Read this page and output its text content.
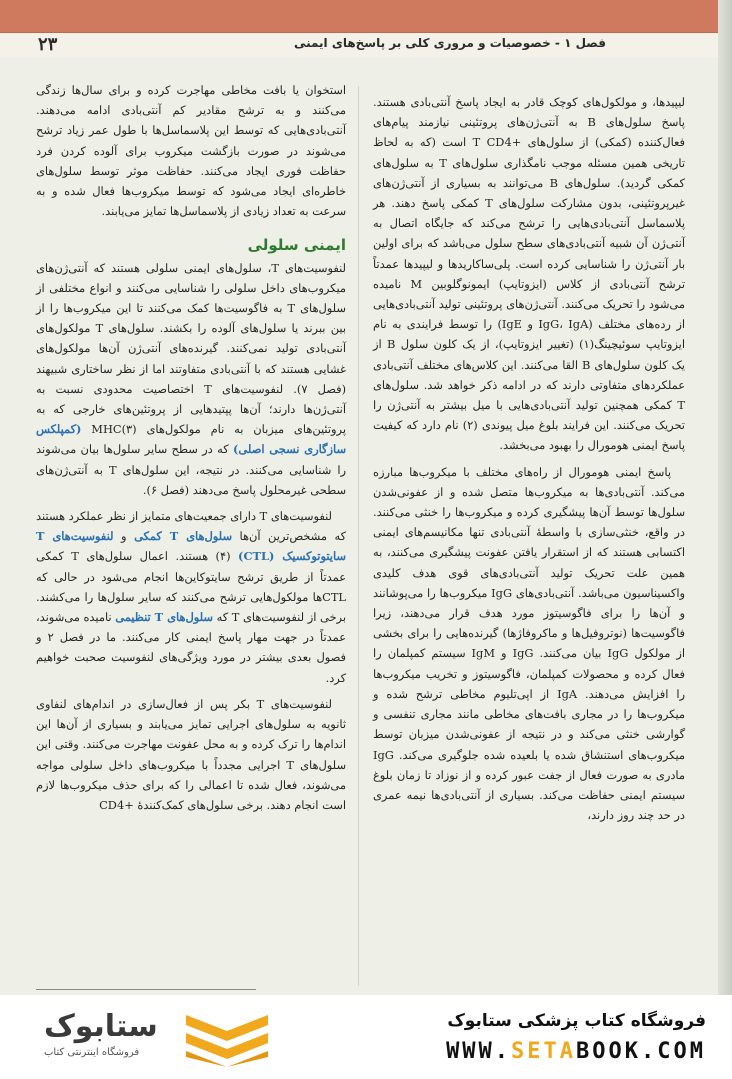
۲۳	فصل ۱ - خصوصیات و مروری کلی بر پاسخ‌های ایمنی

لیپیدها، و مولکول‌های کوچک قادر به ایجاد پاسخ آنتی‌بادی هستند. پاسخ سلول‌های B به آنتی‌ژن‌های پروتئینی نیازمند پیام‌های فعال‌کننده (کمکی) از سلول‌های ‎T CD4+‎ است (که به لحاظ تاریخی همین مسئله موجب نامگذاری سلول‌های T به سلول‌های کمکی گردید). سلول‌های B می‌توانند به بسیاری از آنتی‌ژن‌های غیرپروتئینی، بدون مشارکت سلول‌های T کمکی پاسخ دهند. هر پلاسماسل آنتی‌بادی‌هایی را ترشح می‌کند که جایگاه اتصال به آنتی‌ژن آن شبیه آنتی‌بادی‌های سطح سلول می‌باشد که برای اولین بار آنتی‌ژن را شناسایی کرده است. پلی‌ساکاریدها و لیپیدها عمدتاً ترشح آنتی‌بادی از کلاس (ایزوتایپ) ایمونوگلوبین M نامیده می‌شود را تحریک می‌کنند. آنتی‌ژن‌های پروتئینی تولید آنتی‌بادی‌هایی از رده‌های مختلف (IgG، IgA و IgE) را توسط فرایندی به نام ایزوتایپ سوئیچینگ(۱) (تغییر ایزوتایپ)، از یک کلون سلول B از یک کلون سلول‌های B القا می‌کنند. این کلاس‌های مختلف آنتی‌بادی عملکردهای متفاوتی دارند که در ادامه ذکر خواهد شد. سلول‌های T کمکی همچنین تولید آنتی‌بادی‌هایی با میل بیشتر به آنتی‌ژن را تحریک می‌کنند. این فرایند بلوغ میل پیوندی (۲) نام دارد که کیفیت پاسخ ایمنی هومورال را بهبود می‌بخشد.

پاسخ ایمنی هومورال از راه‌های مختلف با میکروب‌ها مبارزه می‌کند. آنتی‌بادی‌ها به میکروب‌ها متصل شده و از عفونی‌شدن سلول‌ها توسط آن‌ها پیشگیری کرده و میکروب‌ها را خنثی می‌کنند. در واقع، خنثی‌سازی با واسطهٔ آنتی‌بادی تنها مکانیسم‌های ایمنی اکتسابی هستند که از استقرار یافتن عفونت پیشگیری می‌کنند، به همین علت تحریک تولید آنتی‌بادی‌های قوی هدف کلیدی واکسیناسیون می‌باشد. آنتی‌بادی‌های IgG میکروب‌ها را می‌پوشانند و آن‌ها را برای فاگوسیتوز مورد هدف قرار می‌دهند، زیرا فاگوسیت‌ها (نوتروفیل‌ها و ماکروفاژها) گیرنده‌هایی را برای بخشی از مولکول IgG بیان می‌کنند. IgG و IgM سیستم کمپلمان را فعال کرده و محصولات کمپلمان، فاگوسیتوز و تخریب میکروب‌ها را افزایش می‌دهند. IgA از اپی‌تلیوم مخاطی ترشح شده و میکروب‌ها را در مجاری بافت‌های مخاطی مانند مجاری تنفسی و گوارشی خنثی می‌کند و در نتیجه از عفونی‌شدن میزبان توسط میکروب‌های استنشاق شده یا بلعیده شده جلوگیری می‌کند. IgG مادری به صورت فعال از جفت عبور کرده و از نوزاد تا زمان بلوغ سیستم ایمنی حفاظت می‌کند. بسیاری از آنتی‌بادی‌ها نیمه عمری در حد چند روز دارند،

استخوان یا بافت مخاطی مهاجرت کرده و برای سال‌ها زندگی می‌کنند و به ترشح مقادیر کم آنتی‌بادی ادامه می‌دهند. آنتی‌بادی‌هایی که توسط این پلاسماسل‌ها با طول عمر زیاد ترشح می‌شوند در صورت بازگشت میکروب برای آلوده کردن فرد حفاظت فوری ایجاد می‌کنند. حفاظت موثر توسط سلول‌های خاطره‌ای ایجاد می‌شود که توسط میکروب‌ها فعال شده و به سرعت به تعداد زیادی از پلاسماسل‌ها تمایز می‌یابند.

ایمنی سلولی

لنفوسیت‌های T، سلول‌های ایمنی سلولی هستند که آنتی‌ژن‌های میکروب‌های داخل سلولی را شناسایی می‌کنند و انواع مختلفی از سلول‌های T به فاگوسیت‌ها کمک می‌کنند تا این میکروب‌ها را از بین ببرند یا سلول‌های آلوده را بکشند. سلول‌های T مولکول‌های آنتی‌بادی تولید نمی‌کنند. گیرنده‌های آنتی‌ژن آن‌ها مولکول‌های غشایی هستند که با آنتی‌بادی متفاوتند اما از نظر ساختاری شبیهند (فصل ۷). لنفوسیت‌های T اختصاصیت محدودی نسبت به آنتی‌ژن‌ها دارند؛ آن‌ها پپتیدهایی از پروتئین‌های خارجی که به پروتئین‌های میزبان به نام مولکول‌های MHC(۳) (کمپلکس سازگاری نسجی اصلی) که در سطح سایر سلول‌ها بیان می‌شوند را شناسایی می‌کنند. در نتیجه، این سلول‌های T به آنتی‌ژن‌های سطحی غیرمحلول پاسخ می‌دهند (فصل ۶).

لنفوسیت‌های T دارای جمعیت‌های متمایز از نظر عملکرد هستند که مشخص‌ترین آن‌ها سلول‌های T کمکی و لنفوسیت‌های T سایتوتوکسیک (CTL) (۴) هستند. اعمال سلول‌های T کمکی عمدتاً از طریق ترشح سایتوکاین‌ها انجام می‌شود در حالی که CTLها مولکول‌هایی ترشح می‌کنند که سایر سلول‌ها را می‌کشند. برخی از لنفوسیت‌های T که سلول‌های T تنظیمی نامیده می‌شوند، عمدتاً در جهت مهار پاسخ ایمنی کار می‌کنند. ما در فصل ۲ و فصول بعدی بیشتر در مورد ویژگی‌های لنفوسیت صحبت خواهیم کرد.

لنفوسیت‌های T بکر پس از فعال‌سازی در اندام‌های لنفاوی ثانویه به سلول‌های اجرایی تمایز می‌یابند و بسیاری از آن‌ها این اندام‌ها را ترک کرده و به محل عفونت مهاجرت می‌کنند. وقتی این سلول‌های T اجرایی مجدداً با میکروب‌های داخل سلولی مواجه می‌شوند، فعال شده تا اعمالی را که برای حذف میکروب‌ها لازم است انجام دهند. برخی سلول‌های کمک‌کنندهٔ ‎CD4+‎

ستابوک
فروشگاه اینترنتی کتاب
فروشگاه کتاب پزشکی ستابوک
WWW.SETABOOK.COM
